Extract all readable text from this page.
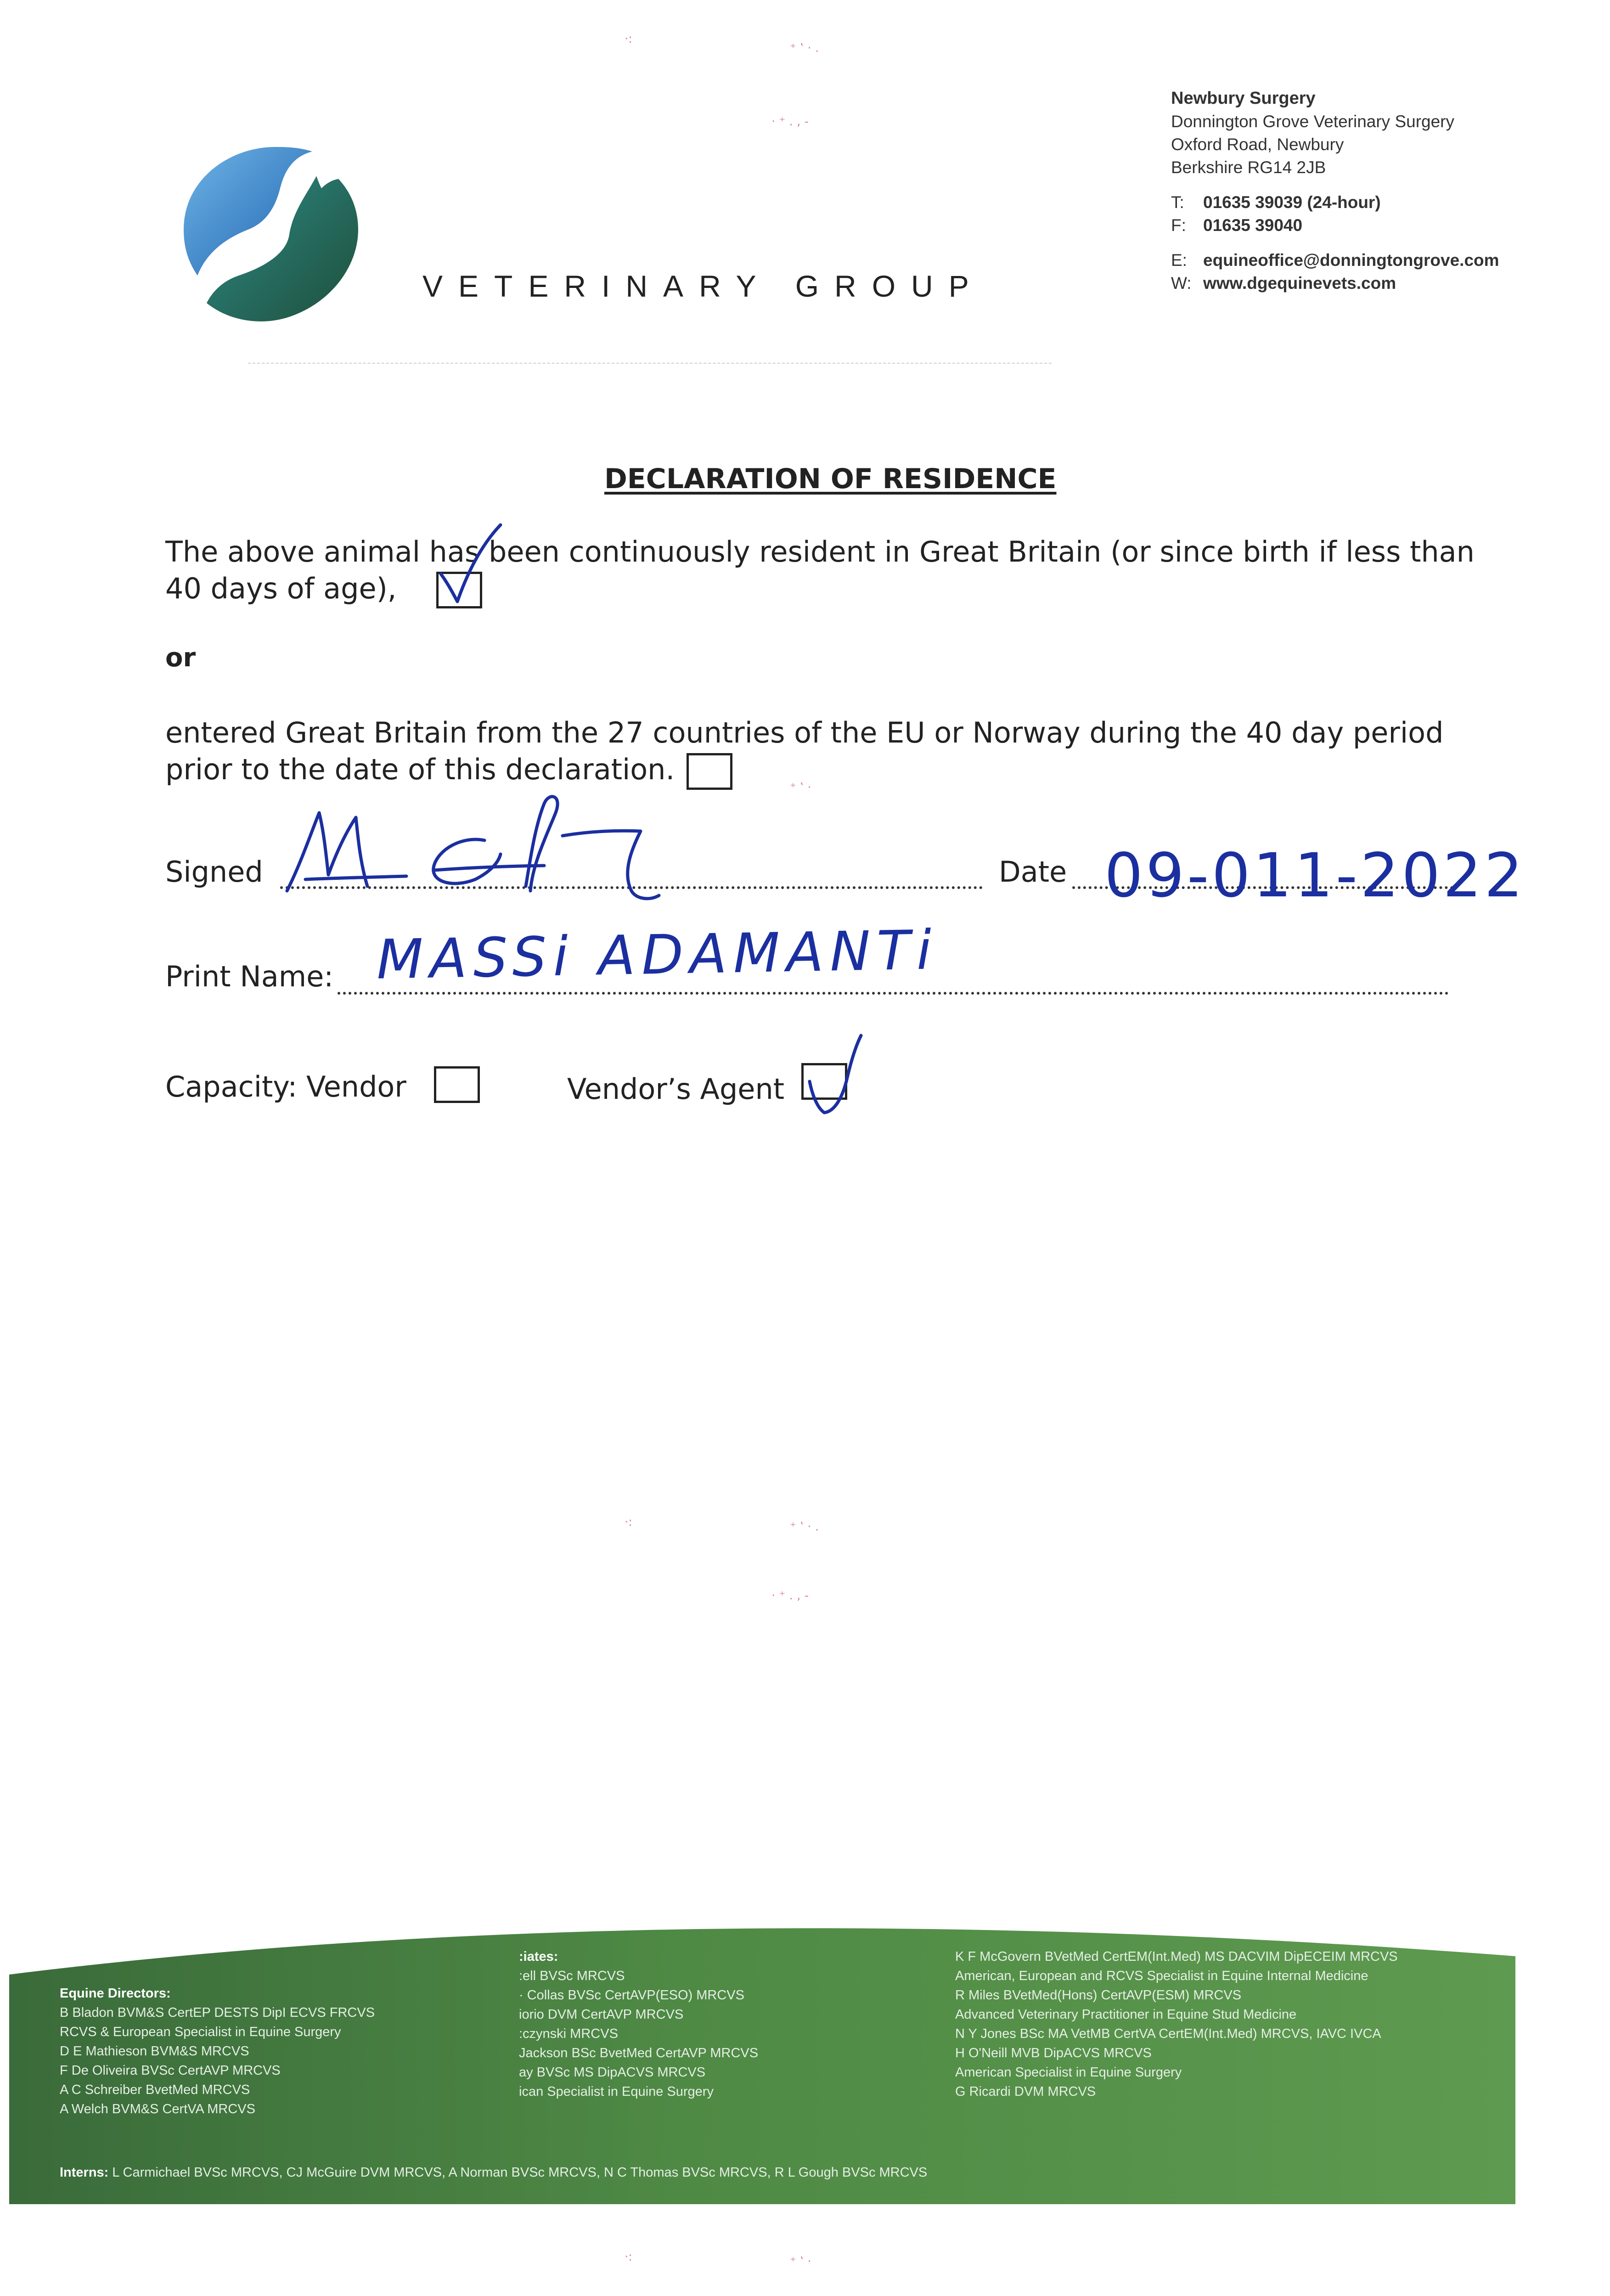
VETERINARY GROUP
Newbury Surgery
Donnington Grove Veterinary Surgery
Oxford Road, Newbury
Berkshire RG14 2JB
T: 01635 39039 (24-hour)
F: 01635 39040
E: equineoffice@donningtongrove.com
W: www.dgequinevets.com
·:
⁺ ‛ · .
· ⁺ . ‚ -
⁺ ‛ ·
·:	⁺ ‛ · .
· ⁺ . ‚ -
·:	⁺ ‛ ·
DECLARATION OF RESIDENCE
The above animal has been continuously resident in Great Britain (or since birth if less than
40 days of age),
or
entered Great Britain from the 27 countries of the EU or Norway during the 40 day period
prior to the date of this declaration.
Signed	Date 09-011-2022
Print Name: MASSi ADAMANTi
Capacity: Vendor	Vendor’s Agent
Equine Directors:
B Bladon BVM&S CertEP DESTS DipI ECVS FRCVS
RCVS & European Specialist in Equine Surgery
D E Mathieson BVM&S MRCVS
F De Oliveira BVSc CertAVP MRCVS
A C Schreiber BvetMed MRCVS
A Welch BVM&S CertVA MRCVS
:iates:
:ell BVSc MRCVS
· Collas BVSc CertAVP(ESO) MRCVS
iorio DVM CertAVP MRCVS
:czynski MRCVS
Jackson BSc BvetMed CertAVP MRCVS
ay BVSc MS DipACVS MRCVS
ican Specialist in Equine Surgery
K F McGovern BVetMed CertEM(Int.Med) MS DACVIM DipECEIM MRCVS
American, European and RCVS Specialist in Equine Internal Medicine
R Miles BVetMed(Hons) CertAVP(ESM) MRCVS
Advanced Veterinary Practitioner in Equine Stud Medicine
N Y Jones BSc MA VetMB CertVA CertEM(Int.Med) MRCVS, IAVC IVCA
H O'Neill MVB DipACVS MRCVS
American Specialist in Equine Surgery
G Ricardi DVM MRCVS
Interns: L Carmichael BVSc MRCVS, CJ McGuire DVM MRCVS, A Norman BVSc MRCVS, N C Thomas BVSc MRCVS, R L Gough BVSc MRCVS
